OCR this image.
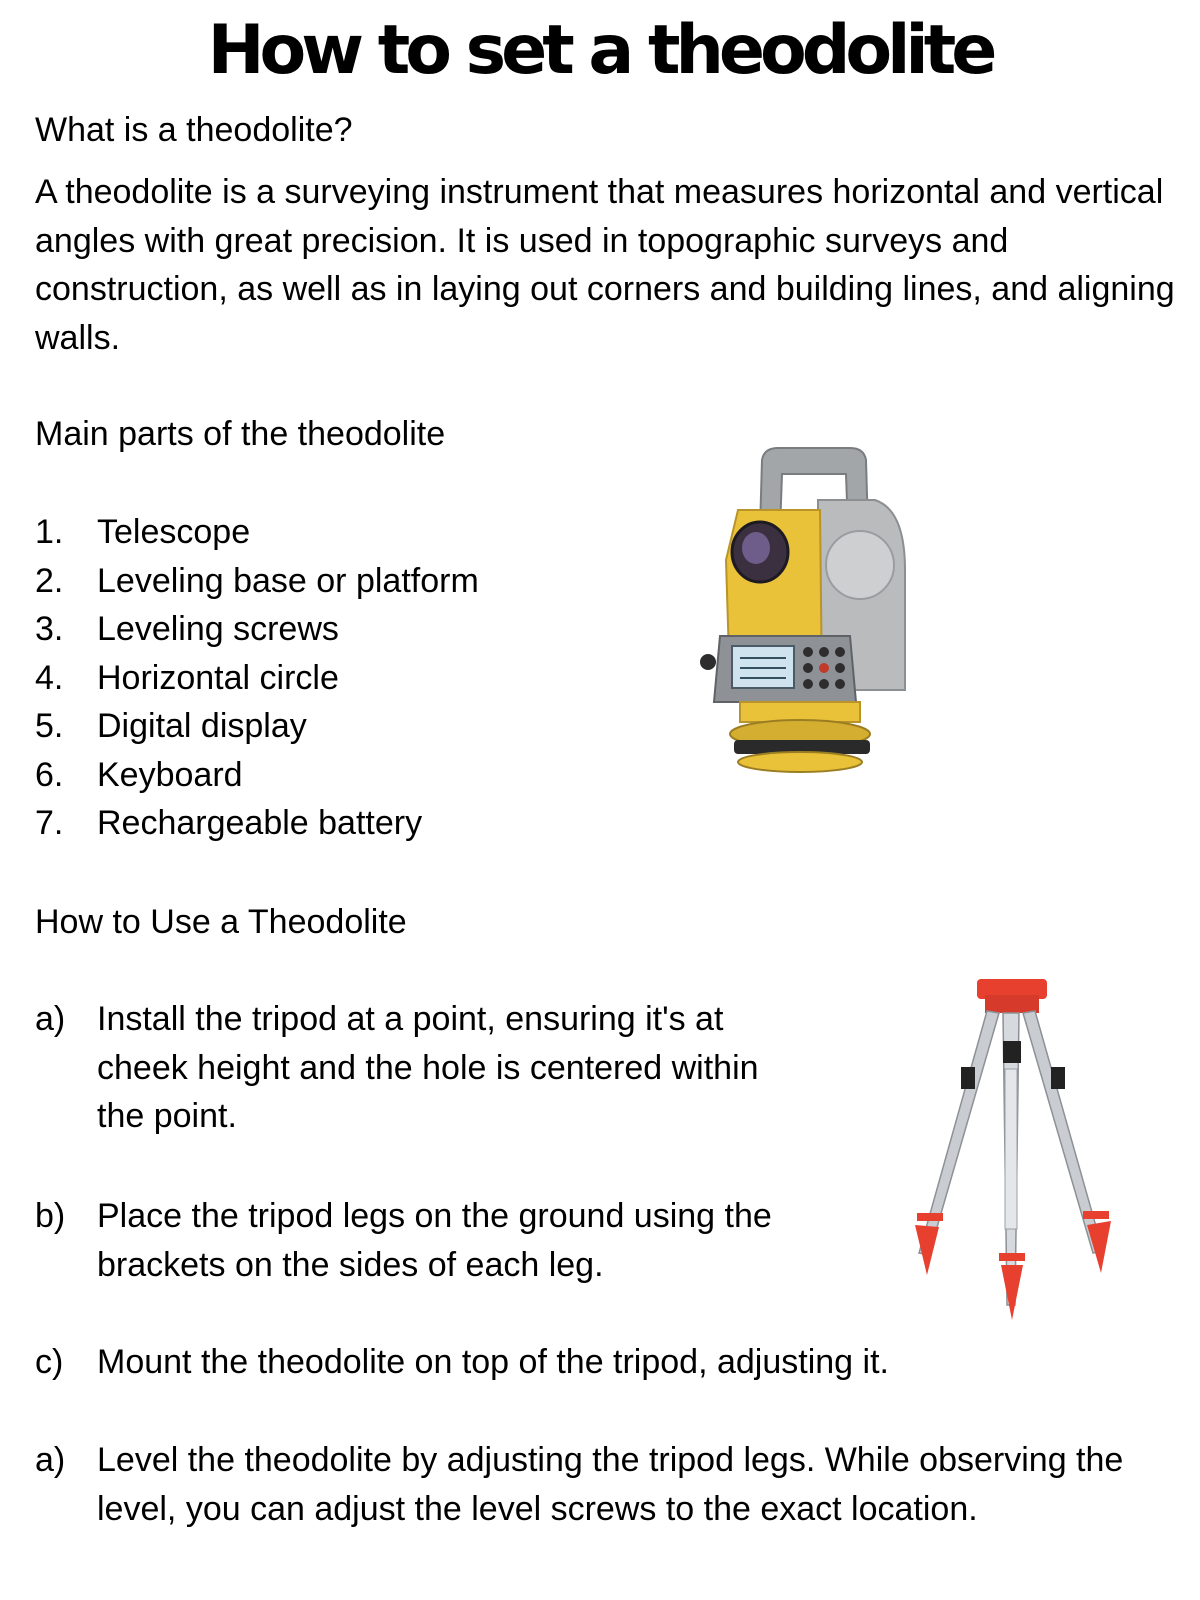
How to set a theodolite
What is a theodolite?
A theodolite is a surveying instrument that measures horizontal and vertical angles with great precision. It is used in topographic surveys and construction, as well as in laying out corners and building lines, and aligning walls.
Main parts of the theodolite
1. Telescope
2. Leveling base or platform
3. Leveling screws
4. Horizontal circle
5. Digital display
6. Keyboard
7. Rechargeable battery
How to Use a Theodolite
a) Install the tripod at a point, ensuring it's at cheek height and the hole is centered within the point.
b) Place the tripod legs on the ground using the brackets on the sides of each leg.
c) Mount the theodolite on top of the tripod, adjusting it.
a) Level the theodolite by adjusting the tripod legs. While observing the level, you can adjust the level screws to the exact location.
